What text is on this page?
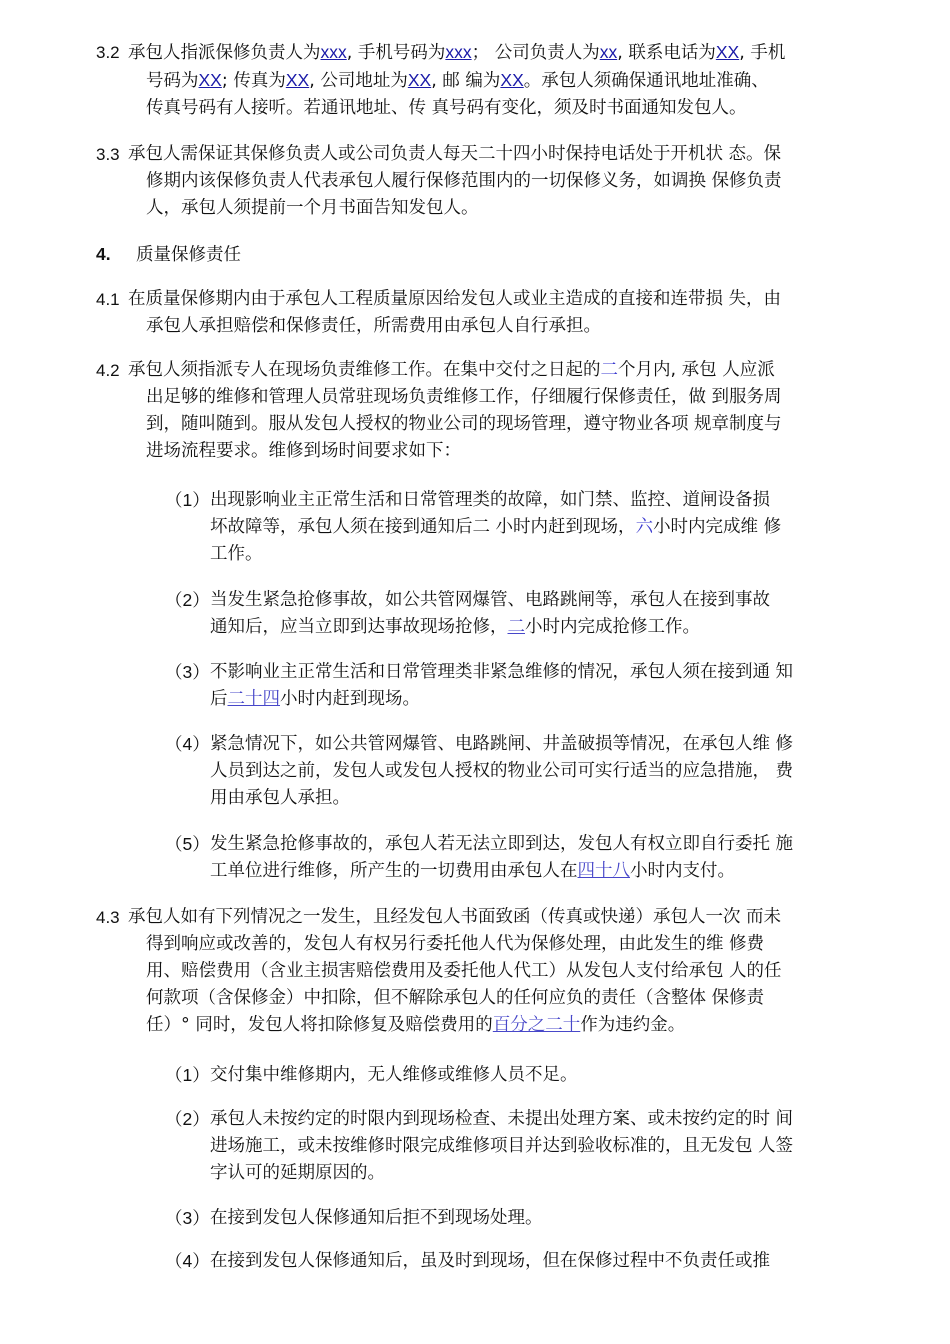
3.2 承包人指派保修负责人为xxx, 手机号码为xxx； 公司负责人为xx, 联系电话为XX, 手机
号码为XX; 传真为XX, 公司地址为XX, 邮 编为XX。承包人须确保通讯地址准确、
传真号码有人接听。若通讯地址、传 真号码有变化，须及时书面通知发包人。
3.3 承包人需保证其保修负责人或公司负责人每天二十四小时保持电话处于开机状 态。保
修期内该保修负责人代表承包人履行保修范围内的一切保修义务，如调换 保修负责
人，承包人须提前一个月书面告知发包人。
4. 质量保修责任
4.1 在质量保修期内由于承包人工程质量原因给发包人或业主造成的直接和连带损 失，由
承包人承担赔偿和保修责任，所需费用由承包人自行承担。
4.2 承包人须指派专人在现场负责维修工作。在集中交付之日起的二个月内, 承包 人应派
出足够的维修和管理人员常驻现场负责维修工作，仔细履行保修责任，做 到服务周
到，随叫随到。服从发包人授权的物业公司的现场管理，遵守物业各项 规章制度与
进场流程要求。维修到场时间要求如下：
（1） 出现影响业主正常生活和日常管理类的故障，如门禁、监控、道闸设备损
坏故障等，承包人须在接到通知后二 小时内赶到现场，六小时内完成维 修
工作。
（2） 当发生紧急抢修事故，如公共管网爆管、电路跳闸等，承包人在接到事故
通知后，应当立即到达事故现场抢修，二小时内完成抢修工作。
（3） 不影响业主正常生活和日常管理类非紧急维修的情况，承包人须在接到通 知
后二十四小时内赶到现场。
（4） 紧急情况下，如公共管网爆管、电路跳闸、井盖破损等情况，在承包人维 修
人员到达之前，发包人或发包人授权的物业公司可实行适当的应急措施， 费
用由承包人承担。
（5） 发生紧急抢修事故的，承包人若无法立即到达，发包人有权立即自行委托 施
工单位进行维修，所产生的一切费用由承包人在四十八小时内支付。
4.3 承包人如有下列情况之一发生，且经发包人书面致函（传真或快递）承包人一次 而未
得到响应或改善的，发包人有权另行委托他人代为保修处理，由此发生的维 修费
用、赔偿费用（含业主损害赔偿费用及委托他人代工）从发包人支付给承包 人的任
何款项（含保修金）中扣除，但不解除承包人的任何应负的责任（含整体 保修责
任）° 同时，发包人将扣除修复及赔偿费用的百分之二十作为违约金。
（1） 交付集中维修期内，无人维修或维修人员不足。
（2） 承包人未按约定的时限内到现场检查、未提出处理方案、或未按约定的时 间
进场施工，或未按维修时限完成维修项目并达到验收标准的，且无发包 人签
字认可的延期原因的。
（3） 在接到发包人保修通知后拒不到现场处理。
（4） 在接到发包人保修通知后，虽及时到现场，但在保修过程中不负责任或推
